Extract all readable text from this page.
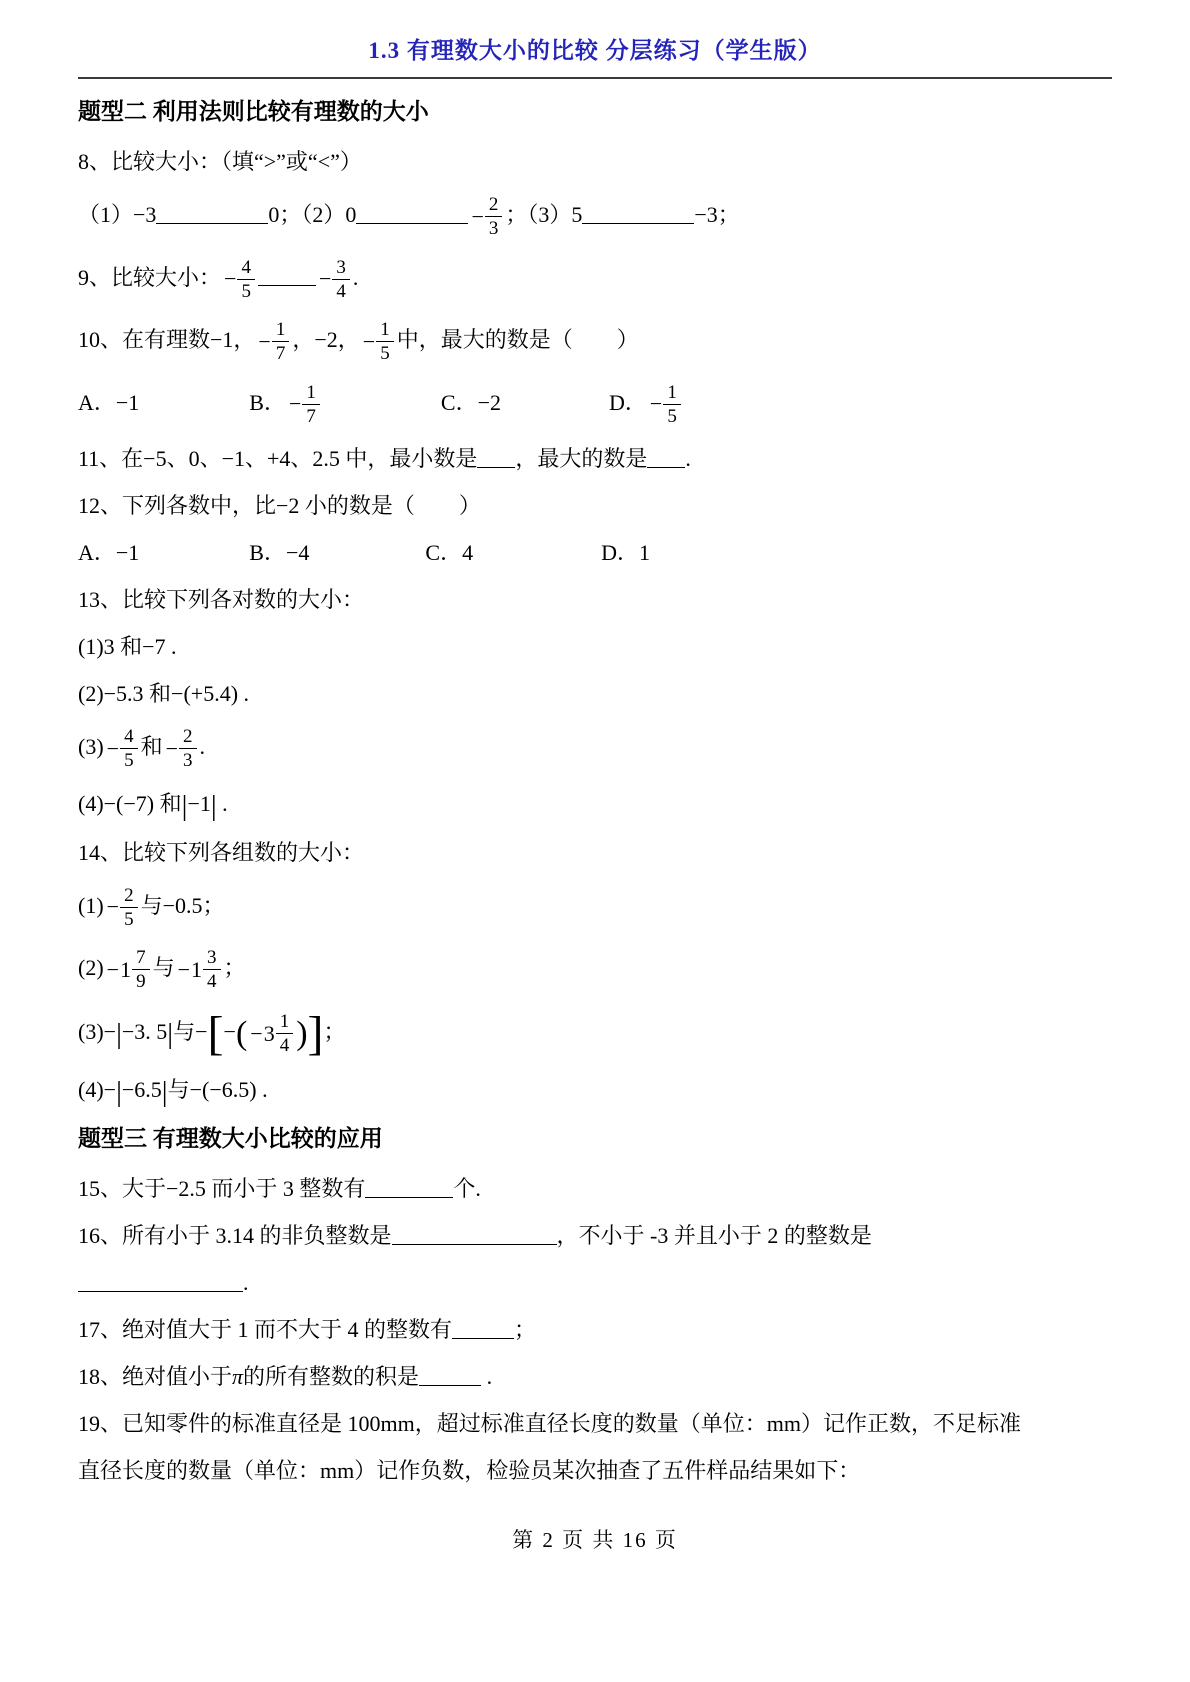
1.3 有理数大小的比较 分层练习（学生版）
题型二 利用法则比较有理数的大小
8、比较大小：（填“>”或“<”）
（1）−3	0；（2）0	− $\frac{2}{3}$ ；（3）5	−3；
9、比较大小： − $\frac{4}{5}$	− $\frac{3}{4}$ .
10、在有理数−1， − $\frac{1}{7}$ ，−2， − $\frac{1}{5}$ 中，最大的数是（　　）
A．−1	B． − $\frac{1}{7}$	C．−2	D． − $\frac{1}{5}$
11、在−5、0、−1、+4、2.5 中，最小数是 ，最大的数是 .
12、下列各数中，比−2 小的数是（　　）
A．−1	B．−4	C．4	D．1
13、比较下列各对数的大小：
(1)3 和−7 .
(2)−5.3 和−(+5.4) .
$(3) - \frac{4}{5}$ 和 − $\frac{2}{3}$ .
(4)−(−7) 和|−1| .
14、比较下列各组数的大小：
$(1) - \frac{2}{5}$ 与−0.5；
$(2) - 1 \frac{7}{9}$ 与 − $1 \frac{3}{4}$ ；
(3)−|−3. 5|与−[−( − $3 \frac{1}{4}$ )]；
(4)−|−6.5|与−(−6.5) .
题型三 有理数大小比较的应用
15、大于−2.5 而小于 3 整数有	个.
16、所有小于 3.14 的非负整数是	，不小于 -3 并且小于 2 的整数是
.
17、绝对值大于 1 而不大于 4 的整数有	；
18、绝对值小于π的所有整数的积是	.
19、已知零件的标准直径是 100mm，超过标准直径长度的数量（单位：mm）记作正数，不足标准
直径长度的数量（单位：mm）记作负数，检验员某次抽查了五件样品结果如下：
第 2 页 共 16 页
